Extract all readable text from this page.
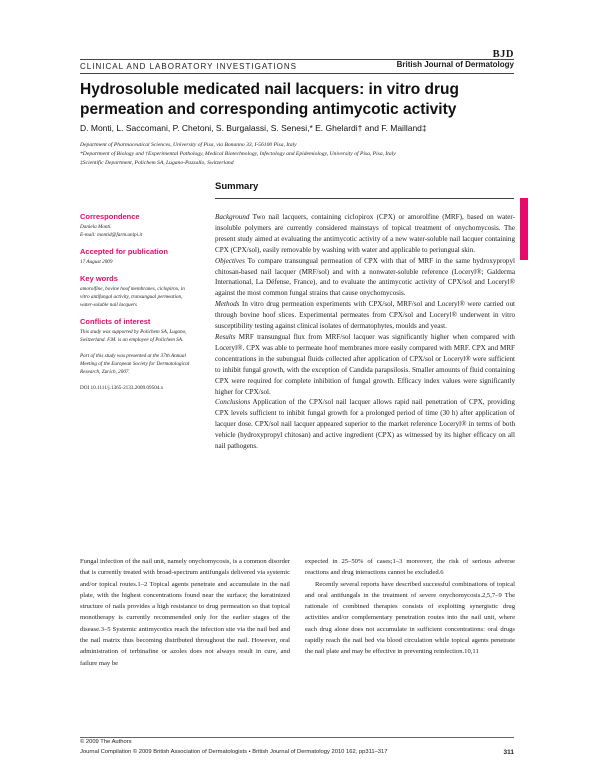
BJD
British Journal of Dermatology
CLINICAL AND LABORATORY INVESTIGATIONS
Hydrosoluble medicated nail lacquers: in vitro drug permeation and corresponding antimycotic activity
D. Monti, L. Saccomani, P. Chetoni, S. Burgalassi, S. Senesi,* E. Ghelardi† and F. Mailland‡
Department of Pharmaceutical Sciences, University of Pisa, via Bonanno 33, I-56100 Pisa, Italy
*Department of Biology and †Experimental Pathology, Medical Biotechnology, Infectology and Epidemiology, University of Pisa, Pisa, Italy
‡Scientific Department, Polichem SA, Lugano-Pazzallo, Switzerland
Summary
Correspondence
Daniela Monti.
E-mail: montid@farm.unipi.it
Accepted for publication
17 August 2009
Key words
amorolfine, bovine hoof membranes, ciclopirox, in vitro antifungal activity, transungual permeation, water-soluble nail lacquers
Conflicts of interest
This study was supported by Polichem SA, Lugano, Switzerland. F.M. is an employee of Polichem SA.
Part of this study was presented at the 37th Annual Meeting of the European Society for Dermatological Research, Zurich, 2007.
DOI 10.1111/j.1365-2133.2009.09504.x

Background Two nail lacquers, containing ciclopirox (CPX) or amorolfine (MRF), based on water-insoluble polymers are currently considered mainstays of topical treatment of onychomycosis. The present study aimed at evaluating the antimycotic activity of a new water-soluble nail lacquer containing CPX (CPX/sol), easily removable by washing with water and applicable to periungual skin.

Objectives To compare transungual permeation of CPX with that of MRF in the same hydroxypropyl chitosan-based nail lacquer (MRF/sol) and with a nonwater-soluble reference (Loceryl®; Galderma International, La Défense, France), and to evaluate the antimycotic activity of CPX/sol and Loceryl® against the most common fungal strains that cause onychomycosis.

Methods In vitro drug permeation experiments with CPX/sol, MRF/sol and Loceryl® were carried out through bovine hoof slices. Experimental permeates from CPX/sol and Loceryl® underwent in vitro susceptibility testing against clinical isolates of dermatophytes, moulds and yeast.

Results MRF transungual flux from MRF/sol lacquer was significantly higher when compared with Loceryl®. CPX was able to permeate hoof membranes more easily compared with MRF. CPX and MRF concentrations in the subungual fluids collected after application of CPX/sol or Loceryl® were sufficient to inhibit fungal growth, with the exception of Candida parapsilosis. Smaller amounts of fluid containing CPX were required for complete inhibition of fungal growth. Efficacy index values were significantly higher for CPX/sol.

Conclusions Application of the CPX/sol nail lacquer allows rapid nail penetration of CPX, providing CPX levels sufficient to inhibit fungal growth for a prolonged period of time (30 h) after application of lacquer dose. CPX/sol nail lacquer appeared superior to the market reference Loceryl® in terms of both vehicle (hydroxypropyl chitosan) and active ingredient (CPX) as witnessed by its higher efficacy on all nail pathogens.

Fungal infection of the nail unit, namely onychomycosis, is a common disorder that is currently treated with broad-spectrum antifungals delivered via systemic and/or topical routes.1–2 Topical agents penetrate and accumulate in the nail plate, with the highest concentrations found near the surface; the keratinized structure of nails provides a high resistance to drug permeation so that topical monotherapy is currently recommended only for the earlier stages of the disease.3–5 Systemic antimycotics reach the infection site via the nail bed and the nail matrix thus becoming distributed throughout the nail. However, oral administration of terbinafine or azoles does not always result in cure, and failure may be

expected in 25–50% of cases;1–3 moreover, the risk of serious adverse reactions and drug interactions cannot be excluded.6

Recently several reports have described successful combinations of topical and oral antifungals in the treatment of severe onychomycosis.2,5,7–9 The rationale of combined therapies consists of exploiting synergistic drug activities and/or complementary penetration routes into the nail unit, where each drug alone does not accumulate in sufficient concentrations: oral drugs rapidly reach the nail bed via blood circulation while topical agents penetrate the nail plate and may be effective in preventing reinfection.10,11

© 2009 The Authors
Journal Compilation © 2009 British Association of Dermatologists • British Journal of Dermatology 2010 162, pp311–317	311
